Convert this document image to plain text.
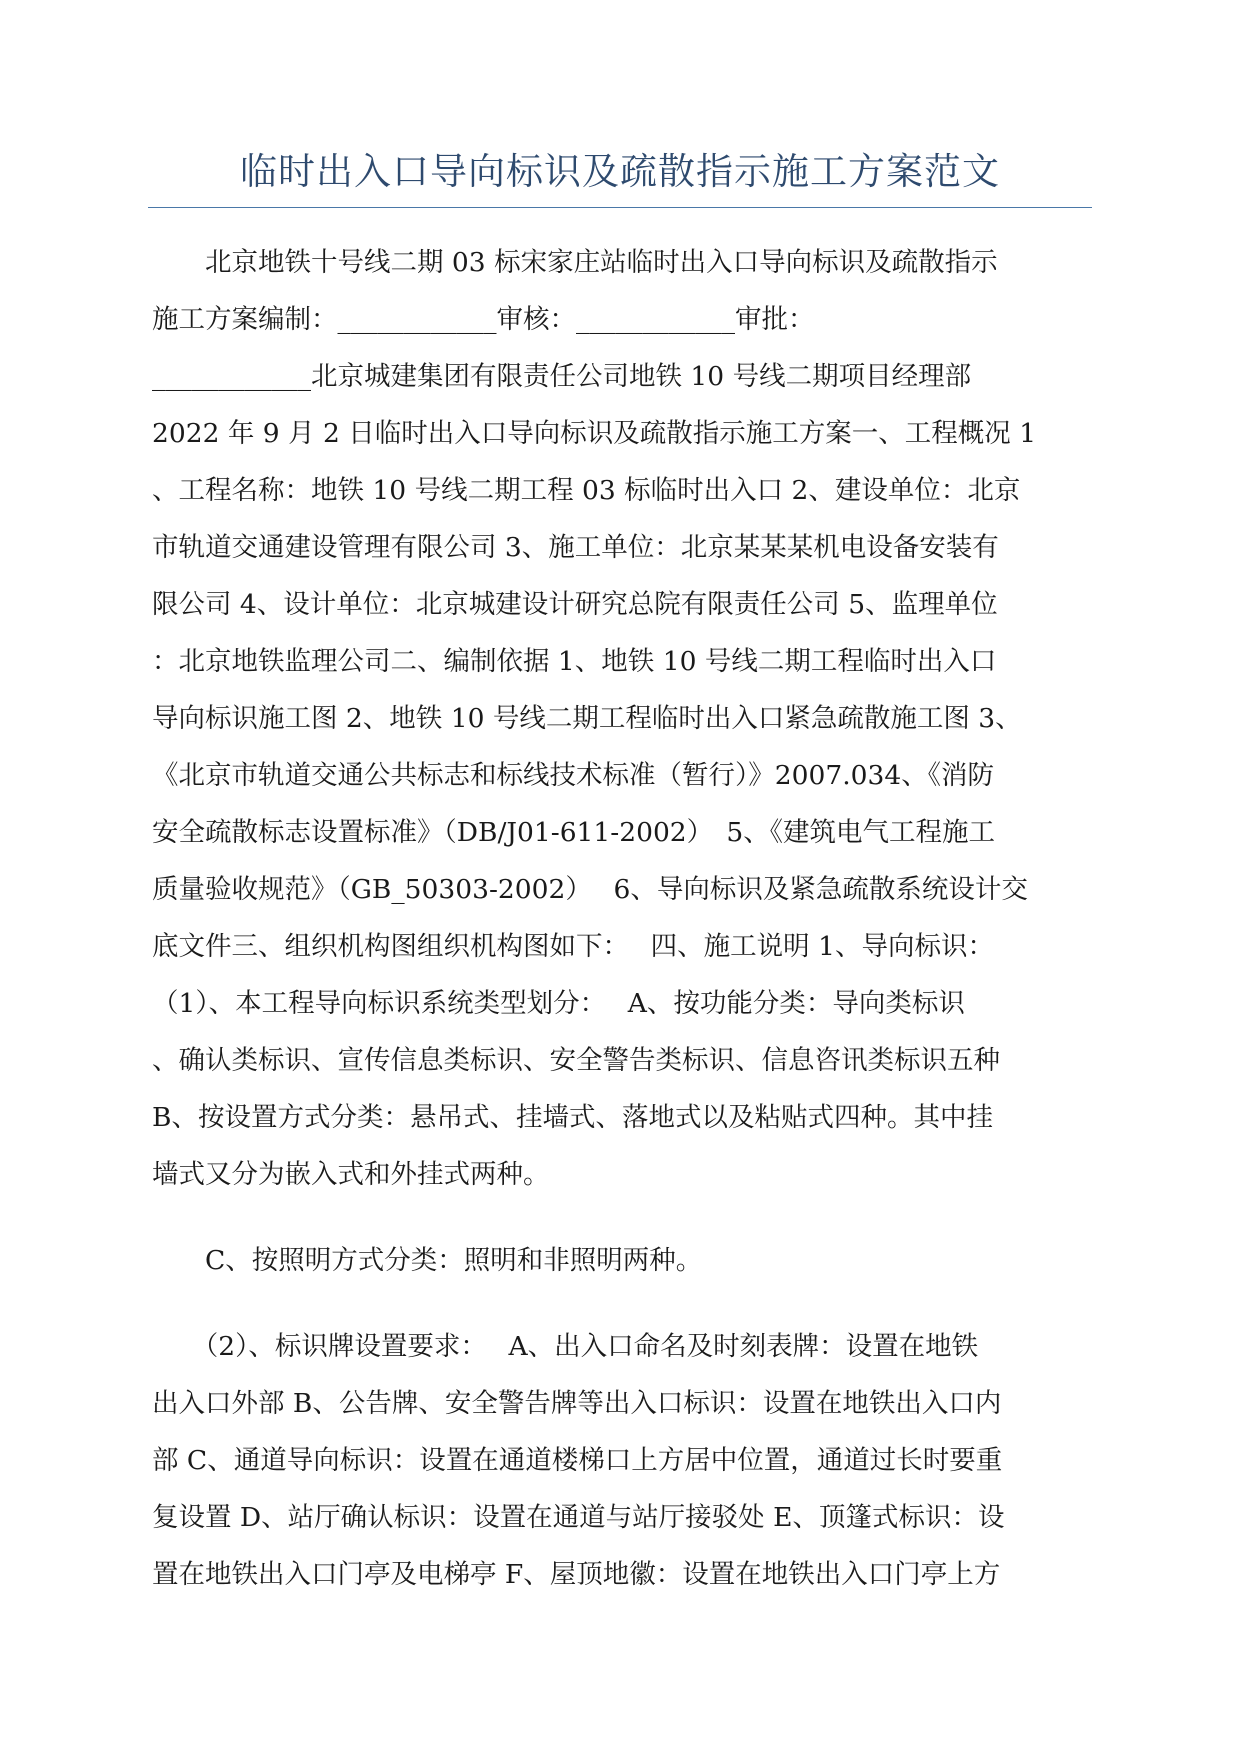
临时出入口导向标识及疏散指示施工方案范文
　　北京地铁十号线二期 03 标宋家庄站临时出入口导向标识及疏散指示
施工方案编制：____________审核：____________审批：
____________北京城建集团有限责任公司地铁 10 号线二期项目经理部
2022 年 9 月 2 日临时出入口导向标识及疏散指示施工方案一、工程概况 1
、工程名称：地铁 10 号线二期工程 03 标临时出入口 2、建设单位：北京
市轨道交通建设管理有限公司 3、施工单位：北京某某某机电设备安装有
限公司 4、设计单位：北京城建设计研究总院有限责任公司 5、监理单位
：北京地铁监理公司二、编制依据 1、地铁 10 号线二期工程临时出入口
导向标识施工图 2、地铁 10 号线二期工程临时出入口紧急疏散施工图 3、
《北京市轨道交通公共标志和标线技术标准（暂行）》2007.034、《消防
安全疏散标志设置标准》（DB/J01-611-2002）　5、《建筑电气工程施工
质量验收规范》（GB_50303-2002）　 6、导向标识及紧急疏散系统设计交
底文件三、组织机构图组织机构图如下：　 四、施工说明 1、导向标识：
（1）、本工程导向标识系统类型划分：　 A、按功能分类：导向类标识
、确认类标识、宣传信息类标识、安全警告类标识、信息咨讯类标识五种
B、按设置方式分类：悬吊式、挂墙式、落地式以及粘贴式四种。其中挂
墙式又分为嵌入式和外挂式两种。
　　C、按照明方式分类：照明和非照明两种。
　　（2）、标识牌设置要求：　 A、出入口命名及时刻表牌：设置在地铁
出入口外部 B、公告牌、安全警告牌等出入口标识：设置在地铁出入口内
部 C、通道导向标识：设置在通道楼梯口上方居中位置，通道过长时要重
复设置 D、站厅确认标识：设置在通道与站厅接驳处 E、顶篷式标识：设
置在地铁出入口门亭及电梯亭 F、屋顶地徽：设置在地铁出入口门亭上方
